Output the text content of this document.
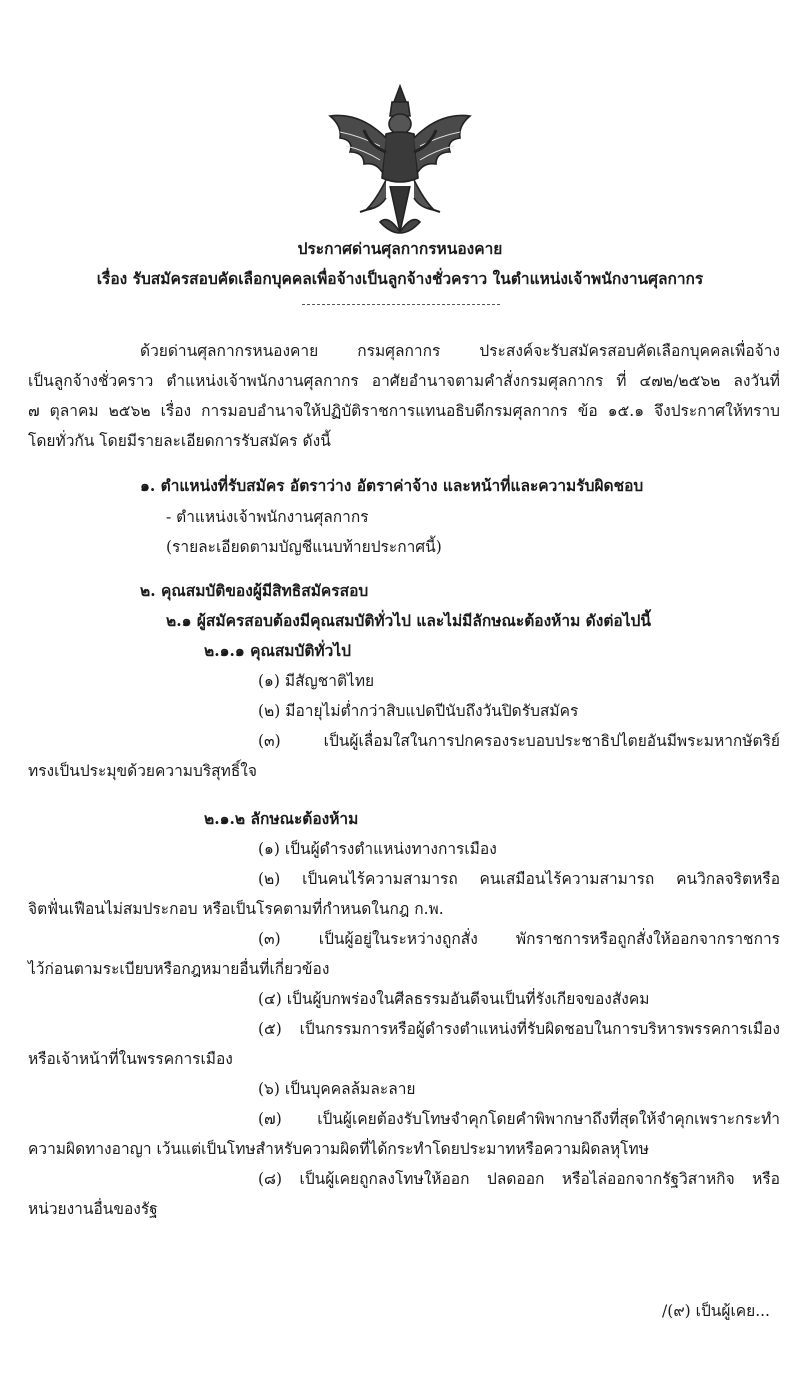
ประกาศด่านศุลกากรหนองคาย
เรื่อง รับสมัครสอบคัดเลือกบุคคลเพื่อจ้างเป็นลูกจ้างชั่วคราว ในตำแหน่งเจ้าพนักงานศุลกากร
ด้วยด่านศุลกากรหนองคาย กรมศุลกากร ประสงค์จะรับสมัครสอบคัดเลือกบุคคลเพื่อจ้าง
เป็นลูกจ้างชั่วคราว ตำแหน่งเจ้าพนักงานศุลกากร อาศัยอำนาจตามคำสั่งกรมศุลกากร ที่ ๔๗๒/๒๕๖๒ ลงวันที่
๗ ตุลาคม ๒๕๖๒ เรื่อง การมอบอำนาจให้ปฏิบัติราชการแทนอธิบดีกรมศุลกากร ข้อ ๑๕.๑ จึงประกาศให้ทราบ
โดยทั่วกัน โดยมีรายละเอียดการรับสมัคร ดังนี้
๑. ตำแหน่งที่รับสมัคร อัตราว่าง อัตราค่าจ้าง และหน้าที่และความรับผิดชอบ
- ตำแหน่งเจ้าพนักงานศุลกากร
(รายละเอียดตามบัญชีแนบท้ายประกาศนี้)
๒. คุณสมบัติของผู้มีสิทธิสมัครสอบ
๒.๑ ผู้สมัครสอบต้องมีคุณสมบัติทั่วไป และไม่มีลักษณะต้องห้าม ดังต่อไปนี้
๒.๑.๑ คุณสมบัติทั่วไป
(๑) มีสัญชาติไทย
(๒) มีอายุไม่ต่ำกว่าสิบแปดปีนับถึงวันปิดรับสมัคร
(๓) เป็นผู้เลื่อมใสในการปกครองระบอบประชาธิปไตยอันมีพระมหากษัตริย์
ทรงเป็นประมุขด้วยความบริสุทธิ์ใจ
๒.๑.๒ ลักษณะต้องห้าม
(๑) เป็นผู้ดำรงตำแหน่งทางการเมือง
(๒) เป็นคนไร้ความสามารถ คนเสมือนไร้ความสามารถ คนวิกลจริตหรือ
จิตฟั่นเฟือนไม่สมประกอบ หรือเป็นโรคตามที่กำหนดในกฎ ก.พ.
(๓) เป็นผู้อยู่ในระหว่างถูกสั่ง พักราชการหรือถูกสั่งให้ออกจากราชการ
ไว้ก่อนตามระเบียบหรือกฎหมายอื่นที่เกี่ยวข้อง
(๔) เป็นผู้บกพร่องในศีลธรรมอันดีจนเป็นที่รังเกียจของสังคม
(๕) เป็นกรรมการหรือผู้ดำรงตำแหน่งที่รับผิดชอบในการบริหารพรรคการเมือง
หรือเจ้าหน้าที่ในพรรคการเมือง
(๖) เป็นบุคคลล้มละลาย
(๗) เป็นผู้เคยต้องรับโทษจำคุกโดยคำพิพากษาถึงที่สุดให้จำคุกเพราะกระทำ
ความผิดทางอาญา เว้นแต่เป็นโทษสำหรับความผิดที่ได้กระทำโดยประมาทหรือความผิดลหุโทษ
(๘) เป็นผู้เคยถูกลงโทษให้ออก ปลดออก หรือไล่ออกจากรัฐวิสาหกิจ หรือ
หน่วยงานอื่นของรัฐ
/(๙) เป็นผู้เคย...
